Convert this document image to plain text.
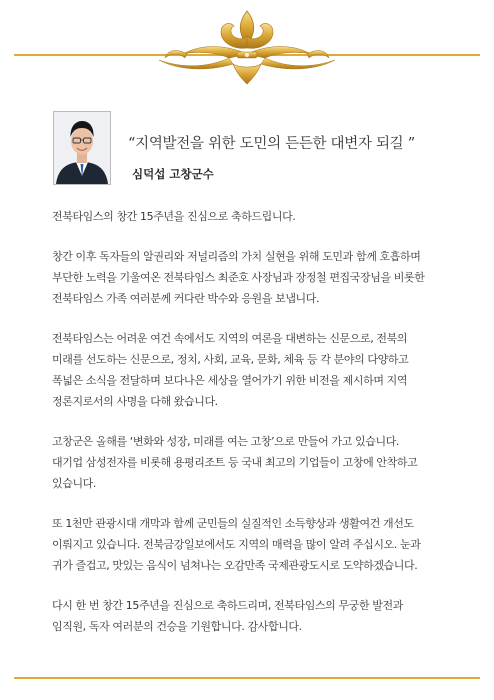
“지역발전을 위한 도민의 든든한 대변자 되길 ”
심덕섭 고창군수

전북타임스의 창간 15주년을 진심으로 축하드립니다.

창간 이후 독자들의 알권리와 저널리즘의 가치 실현을 위해 도민과 함께 호흡하며
부단한 노력을 기울여온 전북타임스 최준호 사장님과 장정철 편집국장님을 비롯한
전북타임스 가족 여러분께 커다란 박수와 응원을 보냅니다.

전북타임스는 어려운 여건 속에서도 지역의 여론을 대변하는 신문으로, 전북의
미래를 선도하는 신문으로, 정치, 사회, 교육, 문화, 체육 등 각 분야의 다양하고
폭넓은 소식을 전달하며 보다나은 세상을 열어가기 위한 비전을 제시하며 지역
정론지로서의 사명을 다해 왔습니다.

고창군은 올해를 ‘변화와 성장, 미래를 여는 고창’으로 만들어 가고 있습니다.
대기업 삼성전자를 비롯해 용평리조트 등 국내 최고의 기업들이 고창에 안착하고
있습니다.

또 1천만 관광시대 개막과 함께 군민들의 실질적인 소득향상과 생활여건 개선도
이뤄지고 있습니다. 전북금강일보에서도 지역의 매력을 많이 알려 주십시오. 눈과
귀가 즐겁고, 맛있는 음식이 넘쳐나는 오감만족 국제관광도시로 도약하겠습니다.

다시 한 번 창간 15주년을 진심으로 축하드리며, 전북타임스의 무궁한 발전과
임직원, 독자 여러분의 건승을 기원합니다. 감사합니다.
